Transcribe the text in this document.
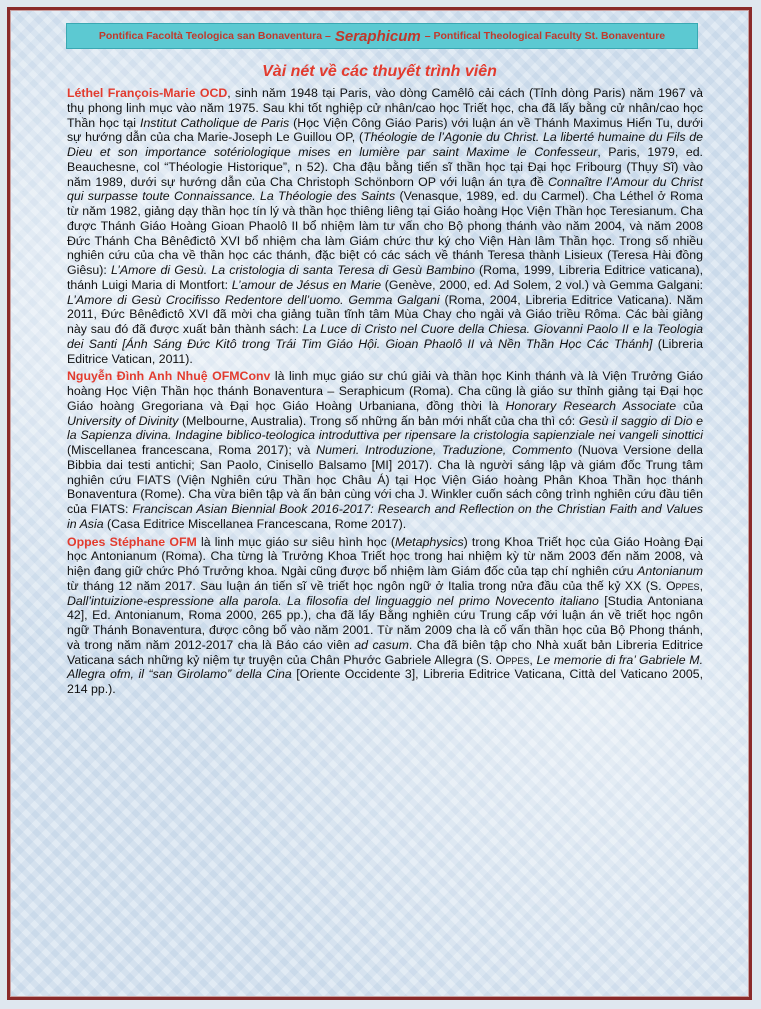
Pontifica Facoltà Teologica san Bonaventura – Seraphicum – Pontifical Theological Faculty St. Bonaventure
Vài nét về các thuyết trình viên

Léthel François-Marie OCD, sinh năm 1948 tại Paris, vào dòng Camêlô cải cách (Tỉnh dòng Paris) năm 1967 và thụ phong linh mục vào năm 1975. Sau khi tốt nghiệp cử nhân/cao học Triết học, cha đã lấy bằng cử nhân/cao học Thần học tại Institut Catholique de Paris (Học Viện Công Giáo Paris) với luận án về Thánh Maximus Hiển Tu, dưới sự hướng dẫn của cha Marie-Joseph Le Guillou OP, (Théologie de l’Agonie du Christ. La liberté humaine du Fils de Dieu et son importance sotériologique mises en lumière par saint Maxime le Confesseur, Paris, 1979, ed. Beauchesne, col “Théologie Historique”, n 52). Cha đậu bằng tiến sĩ thần học tại Đại học Fribourg (Thụy Sĩ) vào năm 1989, dưới sự hướng dẫn của Cha Christoph Schönborn OP với luận án tựa đề Connaître l’Amour du Christ qui surpasse toute Connaissance. La Théologie des Saints (Venasque, 1989, ed. du Carmel). Cha Léthel ở Roma từ năm 1982, giảng dạy thần học tín lý và thần học thiêng liêng tại Giáo hoàng Học Viện Thần học Teresianum. Cha được Thánh Giáo Hoàng Gioan Phaolô II bổ nhiệm làm tư vấn cho Bộ phong thánh vào năm 2004, và năm 2008 Đức Thánh Cha Bênêđictô XVI bổ nhiệm cha làm Giám chức thư ký cho Viện Hàn lâm Thần học. Trong số nhiều nghiên cứu của cha về thần học các thánh, đặc biệt có các sách về thánh Teresa thành Lisieux (Teresa Hài đồng Giêsu): L’Amore di Gesù. La cristologia di santa Teresa di Gesù Bambino (Roma, 1999, Libreria Editrice vaticana), thánh Luigi Maria di Montfort: L’amour de Jésus en Marie (Genève, 2000, ed. Ad Solem, 2 vol.) và Gemma Galgani: L’Amore di Gesù Crocifisso Redentore dell’uomo. Gemma Galgani (Roma, 2004, Libreria Editrice Vaticana). Năm 2011, Đức Bênêđictô XVI đã mời cha giảng tuần tĩnh tâm Mùa Chay cho ngài và Giáo triều Rôma. Các bài giảng này sau đó đã được xuất bản thành sách: La Luce di Cristo nel Cuore della Chiesa. Giovanni Paolo II e la Teologia dei Santi [Ánh Sáng Đức Kitô trong Trái Tim Giáo Hội. Gioan Phaolô II và Nền Thần Học Các Thánh] (Libreria Editrice Vatican, 2011).

Nguyễn Đình Anh Nhuệ OFMConv là linh mục giáo sư chú giải và thần học Kinh thánh và là Viện Trưởng Giáo hoàng Học Viện Thần học thánh Bonaventura – Seraphicum (Roma). Cha cũng là giáo sư thỉnh giảng tại Đại học Giáo hoàng Gregoriana và Đại học Giáo Hoàng Urbaniana, đồng thời là Honorary Research Associate của University of Divinity (Melbourne, Australia). Trong số những ấn bản mới nhất của cha thì có: Gesù il saggio di Dio e la Sapienza divina. Indagine biblico-teologica introduttiva per ripensare la cristologia sapienziale nei vangeli sinottici (Miscellanea francescana, Roma 2017); và Numeri. Introduzione, Traduzione, Commento (Nuova Versione della Bibbia dai testi antichi; San Paolo, Cinisello Balsamo [MI] 2017). Cha là người sáng lập và giám đốc Trung tâm nghiên cứu FIATS (Viện Nghiên cứu Thần học Châu Á) tại Học Viện Giáo hoàng Phân Khoa Thần học thánh Bonaventura (Rome). Cha vừa biên tập và ấn bản cùng với cha J. Winkler cuốn sách công trình nghiên cứu đầu tiên của FIATS: Franciscan Asian Biennial Book 2016-2017: Research and Reflection on the Christian Faith and Values in Asia (Casa Editrice Miscellanea Francescana, Rome 2017).

Oppes Stéphane OFM là linh mục giáo sư siêu hình học (Metaphysics) trong Khoa Triết học của Giáo Hoàng Đại học Antonianum (Roma). Cha từng là Trưởng Khoa Triết học trong hai nhiệm kỳ từ năm 2003 đến năm 2008, và hiện đang giữ chức Phó Trưởng khoa. Ngài cũng được bổ nhiệm làm Giám đốc của tạp chí nghiên cứu Antonianum từ tháng 12 năm 2017. Sau luận án tiến sĩ về triết học ngôn ngữ ở Italia trong nửa đầu của thế kỷ XX (S. Oppes, Dall’intuizione-espressione alla parola. La filosofia del linguaggio nel primo Novecento italiano [Studia Antoniana 42], Ed. Antonianum, Roma 2000, 265 pp.), cha đã lấy Bằng nghiên cứu Trung cấp với luận án về triết học ngôn ngữ Thánh Bonaventura, được công bố vào năm 2001. Từ năm 2009 cha là cố vấn thần học của Bộ Phong thánh, và trong năm năm 2012-2017 cha là Báo cáo viên ad casum. Cha đã biên tập cho Nhà xuất bản Libreria Editrice Vaticana sách những kỷ niệm tự truyện của Chân Phước Gabriele Allegra (S. Oppes, Le memorie di fra’ Gabriele M. Allegra ofm, il “san Girolamo” della Cina [Oriente Occidente 3], Libreria Editrice Vaticana, Città del Vaticano 2005, 214 pp.).
